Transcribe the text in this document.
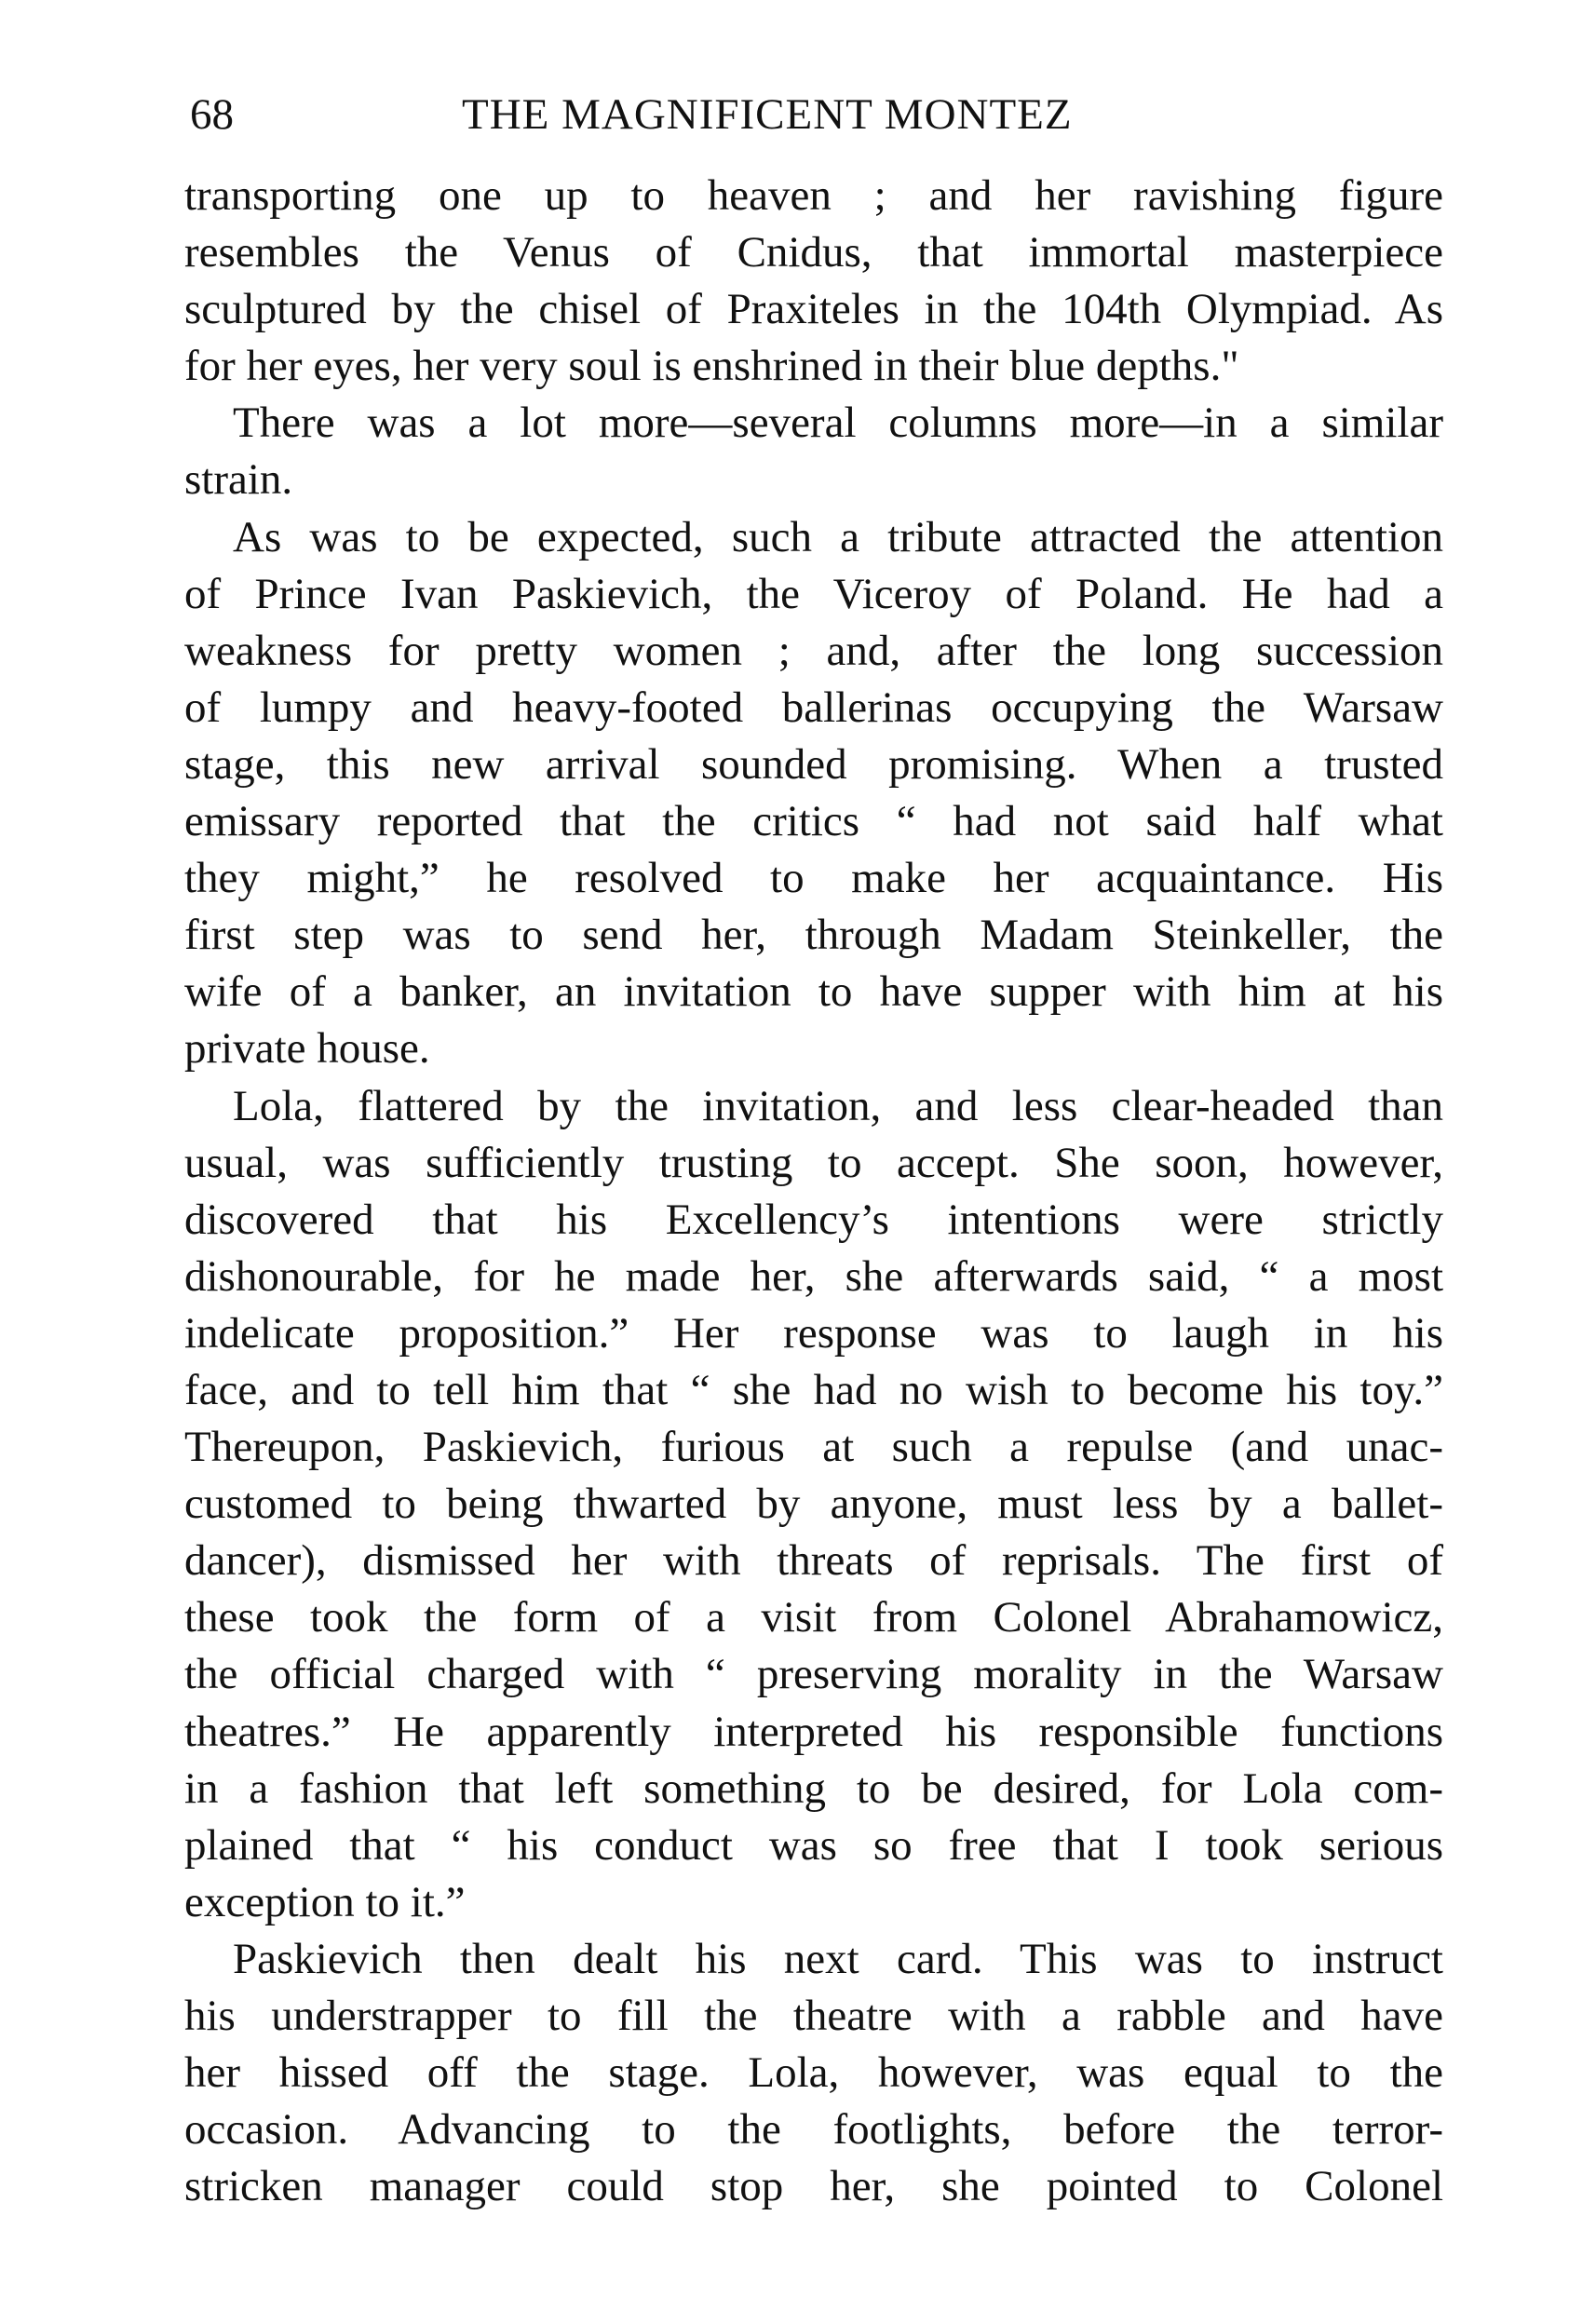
68	THE MAGNIFICENT MONTEZ
transporting one up to heaven ; and her ravishing figure
resembles the Venus of Cnidus, that immortal masterpiece
sculptured by the chisel of Praxiteles in the 104th Olympiad. As
for her eyes, her very soul is enshrined in their blue depths."
There was a lot more—several columns more—in a similar
strain.
As was to be expected, such a tribute attracted the attention
of Prince Ivan Paskievich, the Viceroy of Poland. He had a
weakness for pretty women ; and, after the long succession
of lumpy and heavy-footed ballerinas occupying the Warsaw
stage, this new arrival sounded promising. When a trusted
emissary reported that the critics “ had not said half what
they might,” he resolved to make her acquaintance. His
first step was to send her, through Madam Steinkeller, the
wife of a banker, an invitation to have supper with him at his
private house.
Lola, flattered by the invitation, and less clear-headed than
usual, was sufficiently trusting to accept. She soon, however,
discovered that his Excellency’s intentions were strictly
dishonourable, for he made her, she afterwards said, “ a most
indelicate proposition.” Her response was to laugh in his
face, and to tell him that “ she had no wish to become his toy.”
Thereupon, Paskievich, furious at such a repulse (and unac-
customed to being thwarted by anyone, must less by a ballet-
dancer), dismissed her with threats of reprisals. The first of
these took the form of a visit from Colonel Abrahamowicz,
the official charged with “ preserving morality in the Warsaw
theatres.” He apparently interpreted his responsible functions
in a fashion that left something to be desired, for Lola com-
plained that “ his conduct was so free that I took serious
exception to it.”
Paskievich then dealt his next card. This was to instruct
his understrapper to fill the theatre with a rabble and have
her hissed off the stage. Lola, however, was equal to the
occasion. Advancing to the footlights, before the terror-
stricken manager could stop her, she pointed to Colonel
